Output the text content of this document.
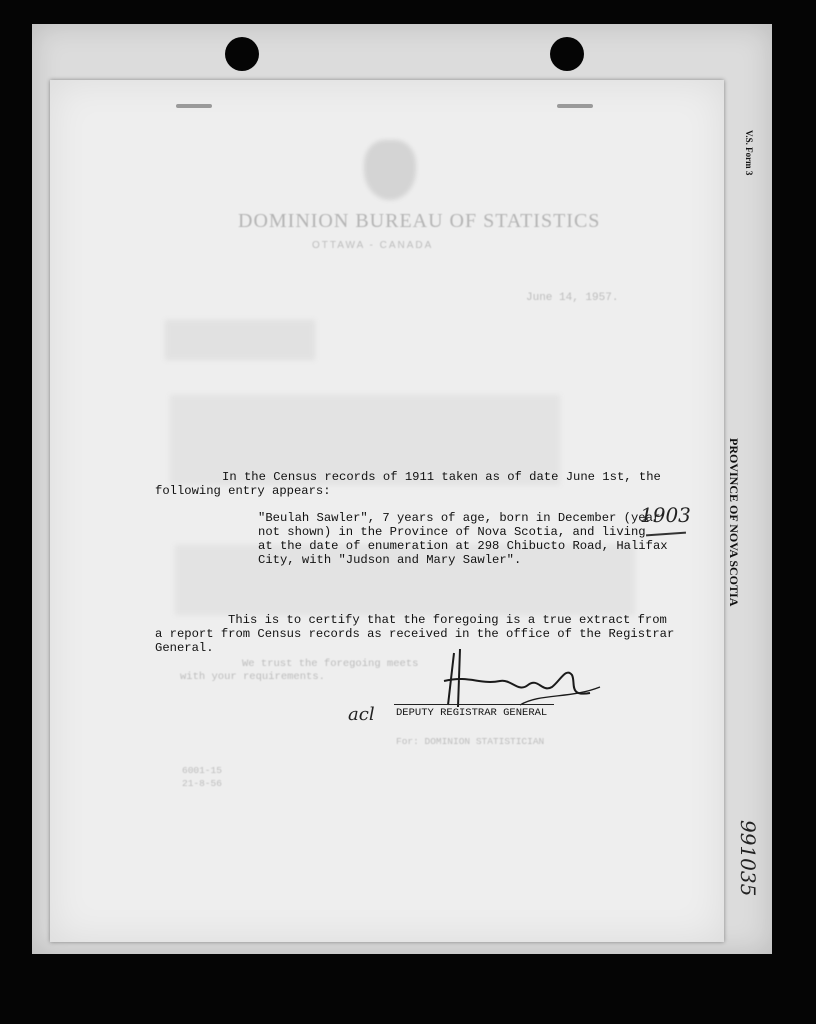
V.S. Form 3
PROVINCE OF NOVA SCOTIA
991035
DOMINION BUREAU OF STATISTICS
OTTAWA - CANADA
June 14, 1957.
We trust the foregoing meets
with your requirements.
For: DOMINION STATISTICIAN
6001-15
21-8-56
In the Census records of 1911 taken as of date June 1st, the
following entry appears:
"Beulah Sawler", 7 years of age, born in December (year
not shown) in the Province of Nova Scotia, and living
at the date of enumeration at 298 Chibucto Road, Halifax
City, with "Judson and Mary Sawler".
1903
This is to certify that the foregoing is a true extract from
a report from Census records as received in the office of the Registrar
General.
acl DEPUTY REGISTRAR GENERAL
